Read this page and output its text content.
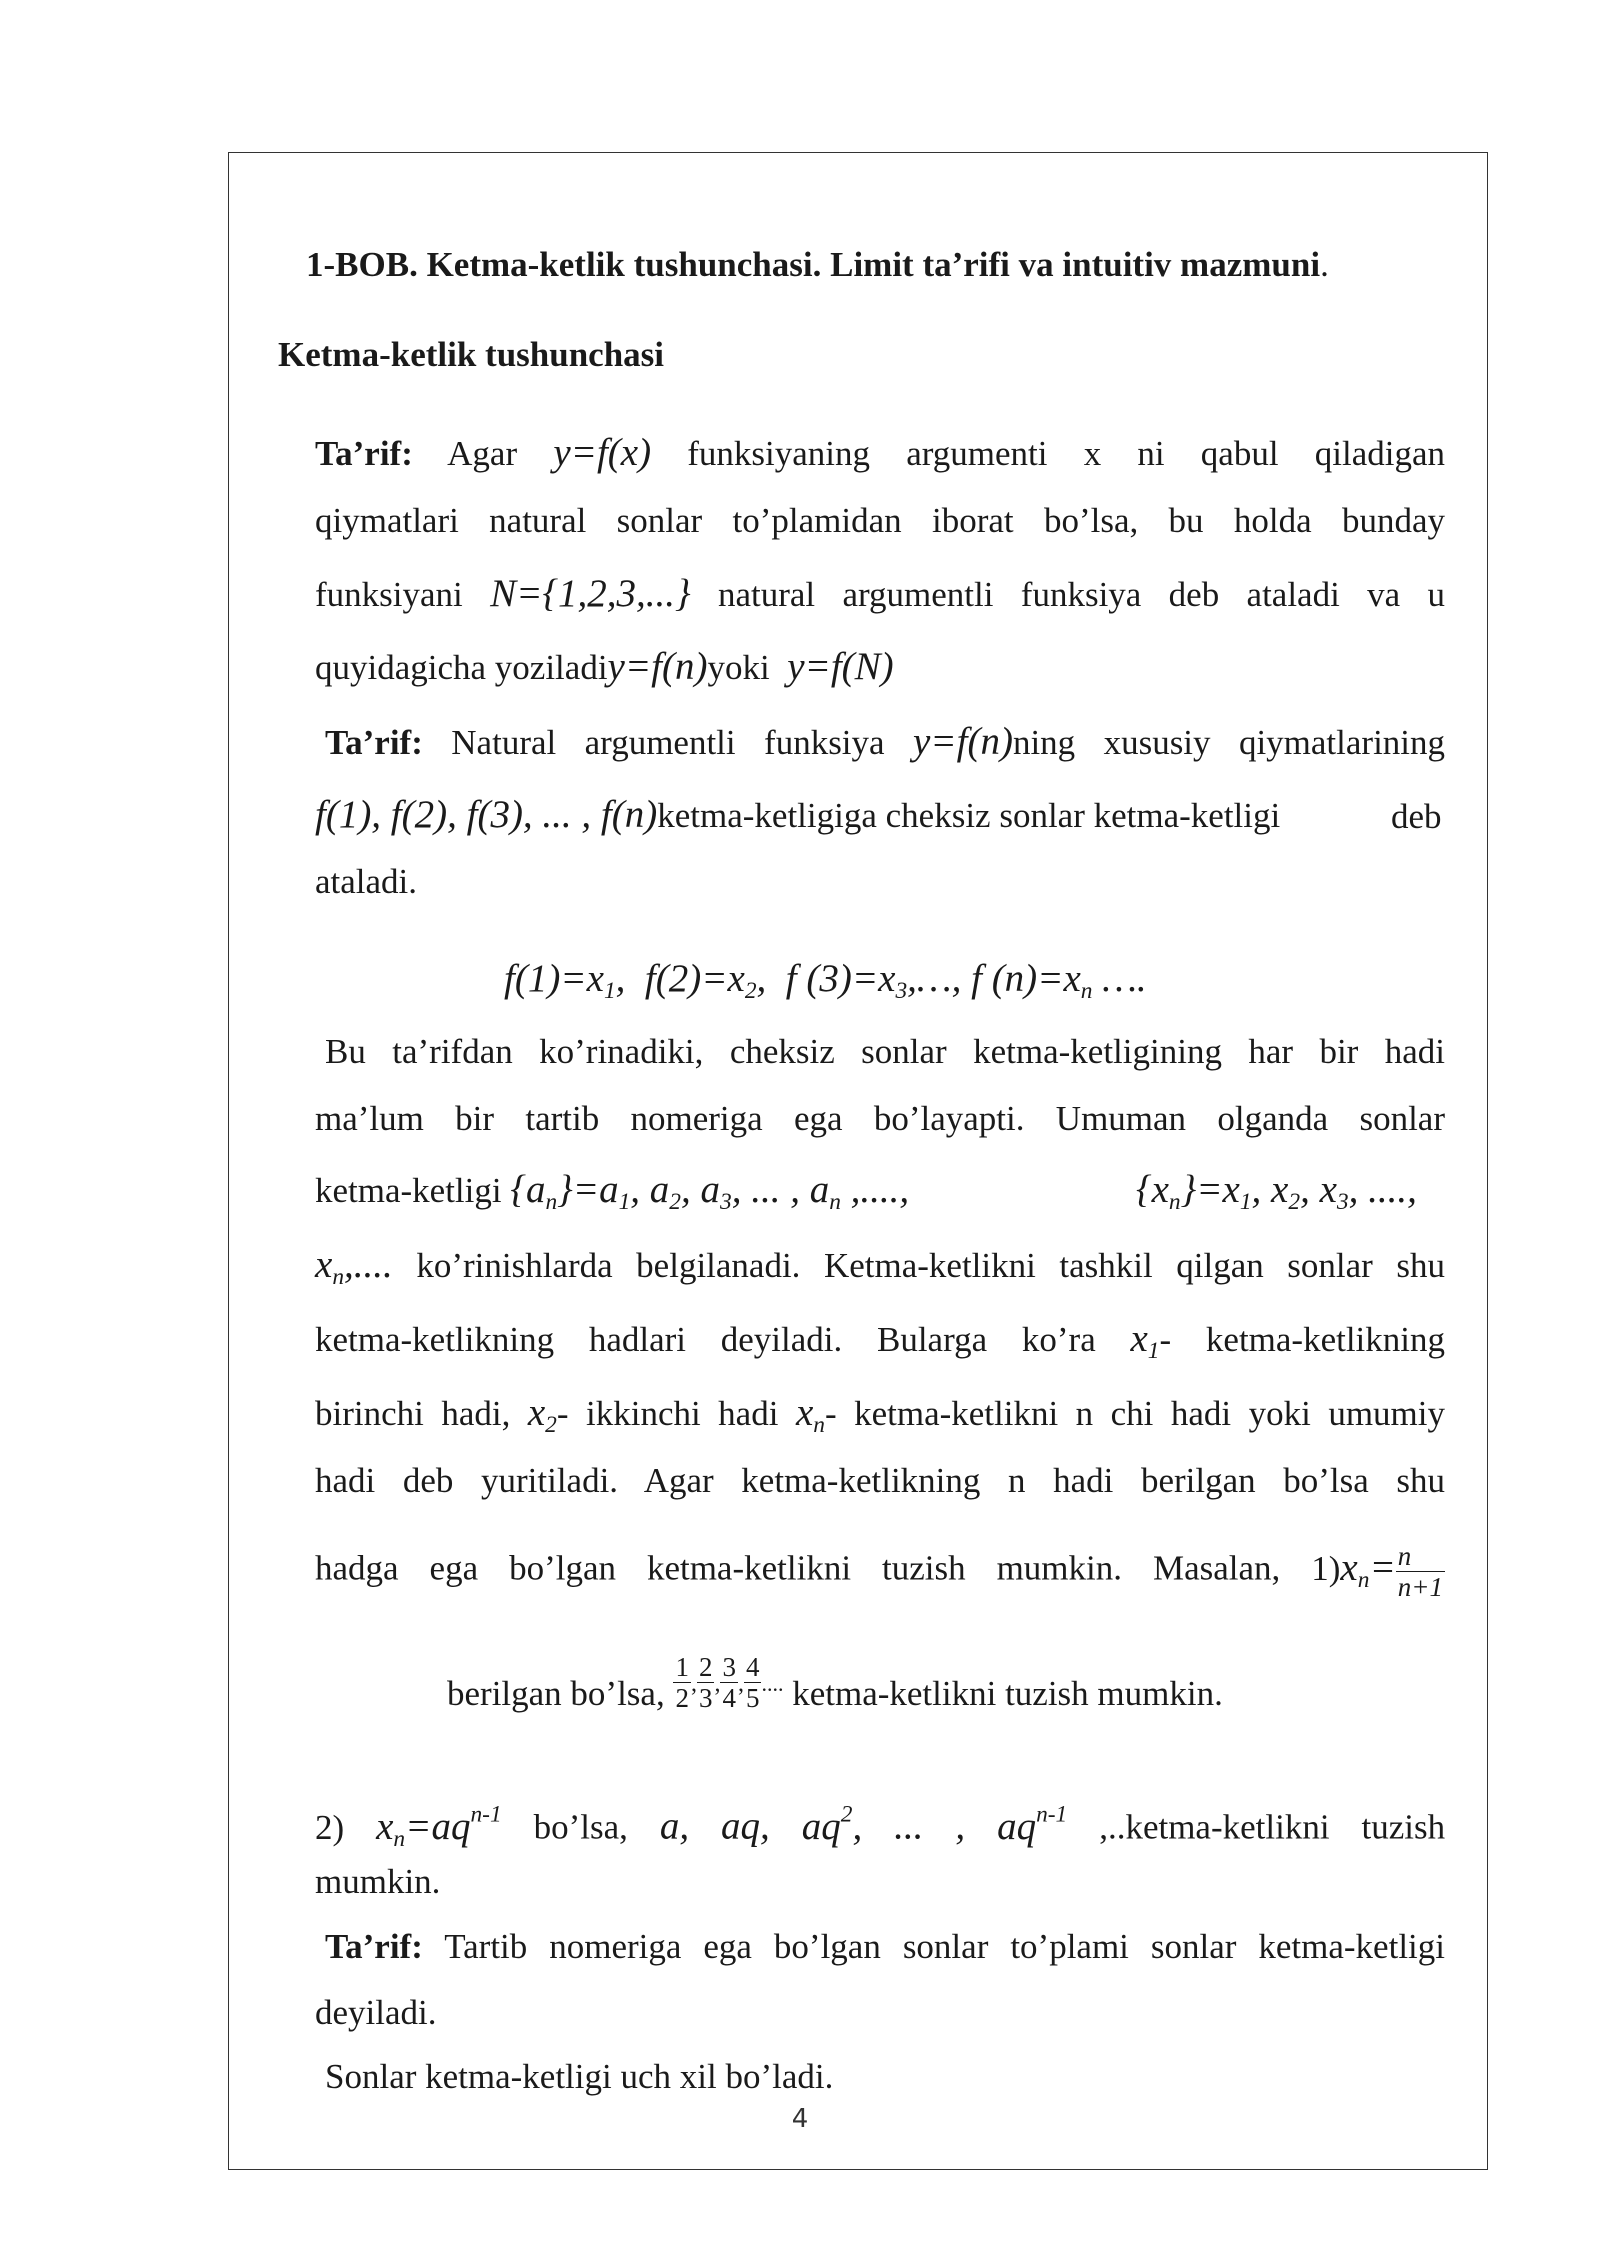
1-BOB. Ketma-ketlik tushunchasi. Limit ta’rifi va intuitiv mazmuni.
Ketma-ketlik tushunchasi
Ta’rif: Agar y=f(x) funksiyaning argumenti x ni qabul qiladigan
qiymatlari natural sonlar to’plamidan iborat bo’lsa, bu holda bunday
funksiyani N={1,2,3,...} natural argumentli funksiya deb ataladi va u
quyidagicha yoziladiy=f(n)yoki y=f(N)
Ta’rif: Natural argumentli funksiya y=f(n)ning xususiy qiymatlarining
f(1), f(2), f(3), ... , f(n)ketma-ketligiga cheksiz sonlar ketma-ketligi	deb
ataladi.
$f(1)=x_1$, $f(2)=x_2$, f $(3)=x_3,\dots$, f $(n)=x_n$ ….
Bu ta’rifdan ko’rinadiki, cheksiz sonlar ketma-ketligining har bir hadi
ma’lum bir tartib nomeriga ega bo’layapti. Umuman olganda sonlar
ketma-ketligi $\{a_n\}=a_1$, $a_2$, $a_3$, ... , $a_n$ ,....,	$\{x_n\}=x_1$, $x_2$, $x_3$, ....,
$x_n$,.... ko’rinishlarda belgilanadi. Ketma-ketlikni tashkil qilgan sonlar shu
ketma-ketlikning hadlari deyiladi. Bularga ko’ra $x_1-$ ketma-ketlikning
birinchi hadi, $x_2-$ ikkinchi hadi $x_n-$ ketma-ketlikni n chi hadi yoki umumiy
hadi deb yuritiladi. Agar ketma-ketlikning n hadi berilgan bo’lsa shu
hadga ega bo’lgan ketma-ketlikni tuzish mumkin. Masalan, $1)x_n= \frac{n}{n+1}$
berilgan bo’lsa, $\frac{1}{2}$ , $\frac{2}{3}$ , $\frac{3}{4}$ , $\frac{4}{5}$ .... ketma-ketlikni tuzish mumkin.
2) $x_n=aq^{n-1}$ bo’lsa, a, aq, $aq^2$, ... , $aq^{n-1}$ ,..ketma-ketlikni tuzish
mumkin.
Ta’rif: Tartib nomeriga ega bo’lgan sonlar to’plami sonlar ketma-ketligi
deyiladi.
Sonlar ketma-ketligi uch xil bo’ladi.
4
